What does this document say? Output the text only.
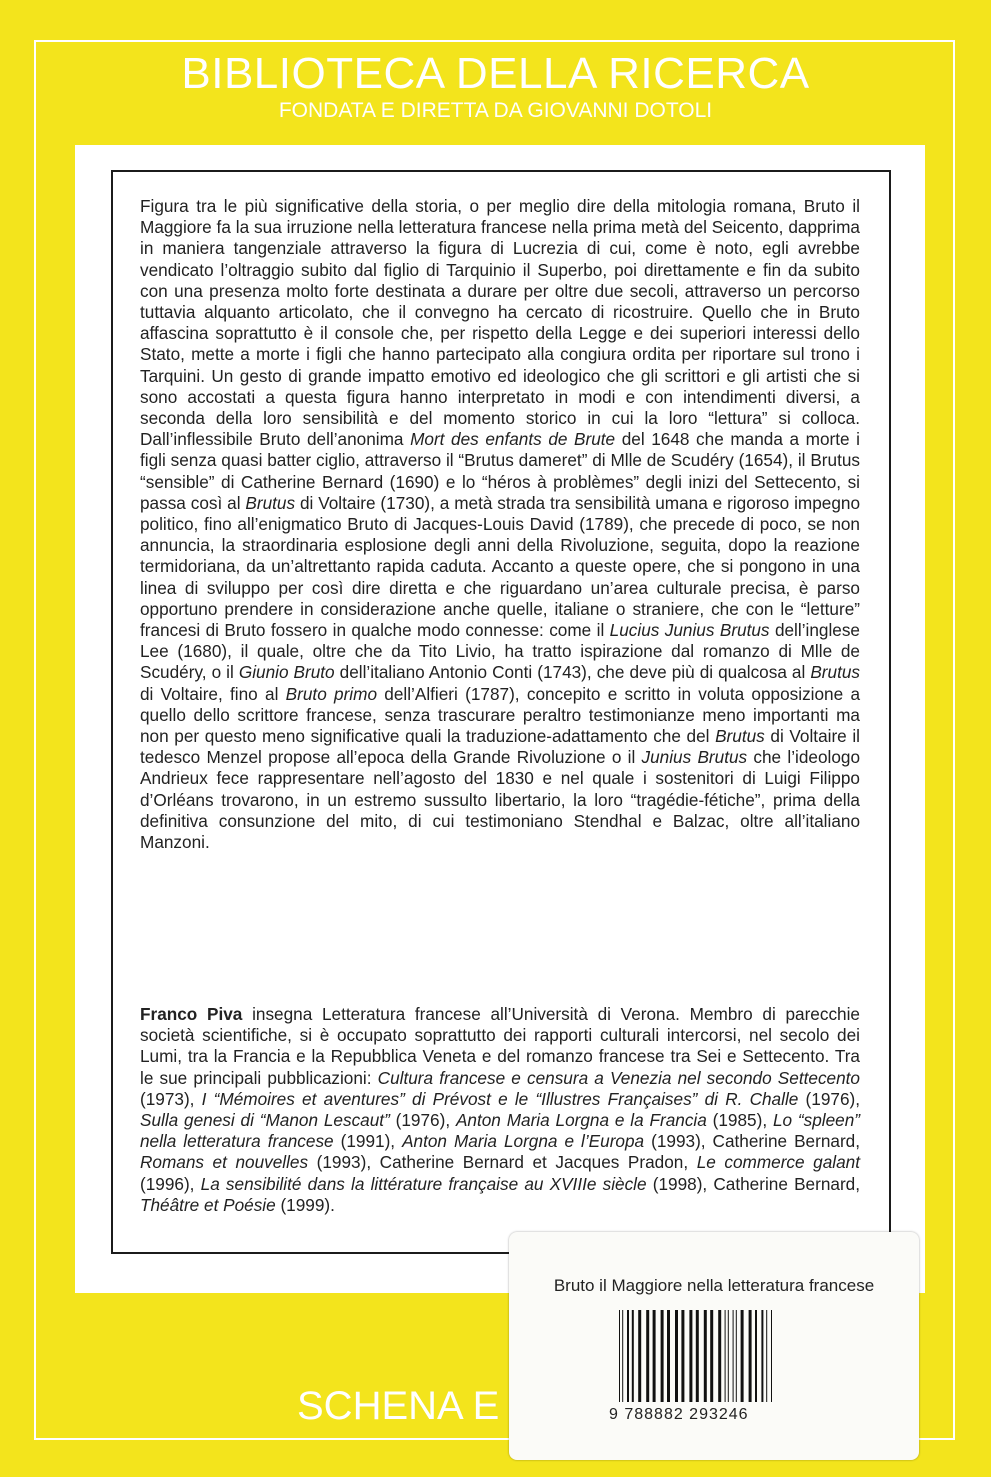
BIBLIOTECA DELLA RICERCA
FONDATA E DIRETTA DA GIOVANNI DOTOLI

Figura tra le più significative della storia, o per meglio dire della mitologia romana, Bruto il Maggiore fa la sua irruzione nella letteratura francese nella prima metà del Seicento, dapprima in maniera tangenziale attraverso la figura di Lucrezia di cui, come è noto, egli avrebbe vendicato l’oltraggio subito dal figlio di Tarquinio il Superbo, poi direttamente e fin da subito con una presenza molto forte destinata a durare per oltre due secoli, attraverso un percorso tuttavia alquanto articolato, che il convegno ha cercato di ricostruire. Quello che in Bruto affascina soprattutto è il console che, per rispetto della Legge e dei superiori interessi dello Stato, mette a morte i figli che hanno partecipato alla congiura ordita per riportare sul trono i Tarquini. Un gesto di grande impatto emotivo ed ideologico che gli scrittori e gli artisti che si sono accostati a questa figura hanno interpretato in modi e con intendimenti diversi, a seconda della loro sensibilità e del momento storico in cui la loro “lettura” si colloca. Dall’inflessibile Bruto dell’anonima Mort des enfants de Brute del 1648 che manda a morte i figli senza quasi batter ciglio, attraverso il “Brutus dameret” di Mlle de Scudéry (1654), il Brutus “sensible” di Catherine Bernard (1690) e lo “héros à problèmes” degli inizi del Settecento, si passa così al Brutus di Voltaire (1730), a metà strada tra sensibilità umana e rigoroso impegno politico, fino all’enigmatico Bruto di Jacques-Louis David (1789), che precede di poco, se non annuncia, la straordinaria esplosione degli anni della Rivoluzione, seguita, dopo la reazione termidoriana, da un’altrettanto rapida caduta. Accanto a queste opere, che si pongono in una linea di sviluppo per così dire diretta e che riguardano un’area culturale precisa, è parso opportuno prendere in considerazione anche quelle, italiane o straniere, che con le “letture” francesi di Bruto fossero in qualche modo connesse: come il Lucius Junius Brutus dell’inglese Lee (1680), il quale, oltre che da Tito Livio, ha tratto ispirazione dal romanzo di Mlle de Scudéry, o il Giunio Bruto dell’italiano Antonio Conti (1743), che deve più di qualcosa al Brutus di Voltaire, fino al Bruto primo dell’Alfieri (1787), concepito e scritto in voluta opposizione a quello dello scrittore francese, senza trascurare peraltro testimonianze meno importanti ma non per questo meno significative quali la traduzione-adattamento che del Brutus di Voltaire il tedesco Menzel propose all’epoca della Grande Rivoluzione o il Junius Brutus che l’ideologo Andrieux fece rappresentare nell’agosto del 1830 e nel quale i sostenitori di Luigi Filippo d’Orléans trovarono, in un estremo sussulto libertario, la loro “tragédie-fétiche”, prima della definitiva consunzione del mito, di cui testimoniano Stendhal e Balzac, oltre all’italiano Manzoni.

Franco Piva insegna Letteratura francese all’Università di Verona. Membro di parecchie società scientifiche, si è occupato soprattutto dei rapporti culturali intercorsi, nel secolo dei Lumi, tra la Francia e la Repubblica Veneta e del romanzo francese tra Sei e Settecento. Tra le sue principali pubblicazioni: Cultura francese e censura a Venezia nel secondo Settecento (1973), I “Mémoires et aventures” di Prévost e le “Illustres Françaises” di R. Challe (1976), Sulla genesi di “Manon Lescaut” (1976), Anton Maria Lorgna e la Francia (1985), Lo “spleen” nella letteratura francese (1991), Anton Maria Lorgna e l’Europa (1993), Catherine Bernard, Romans et nouvelles (1993), Catherine Bernard et Jacques Pradon, Le commerce galant (1996), La sensibilité dans la littérature française au XVIIIe siècle (1998), Catherine Bernard, Théâtre et Poésie (1999).

SCHENA E
Bruto il Maggiore nella letteratura francese
9 788882 293246
